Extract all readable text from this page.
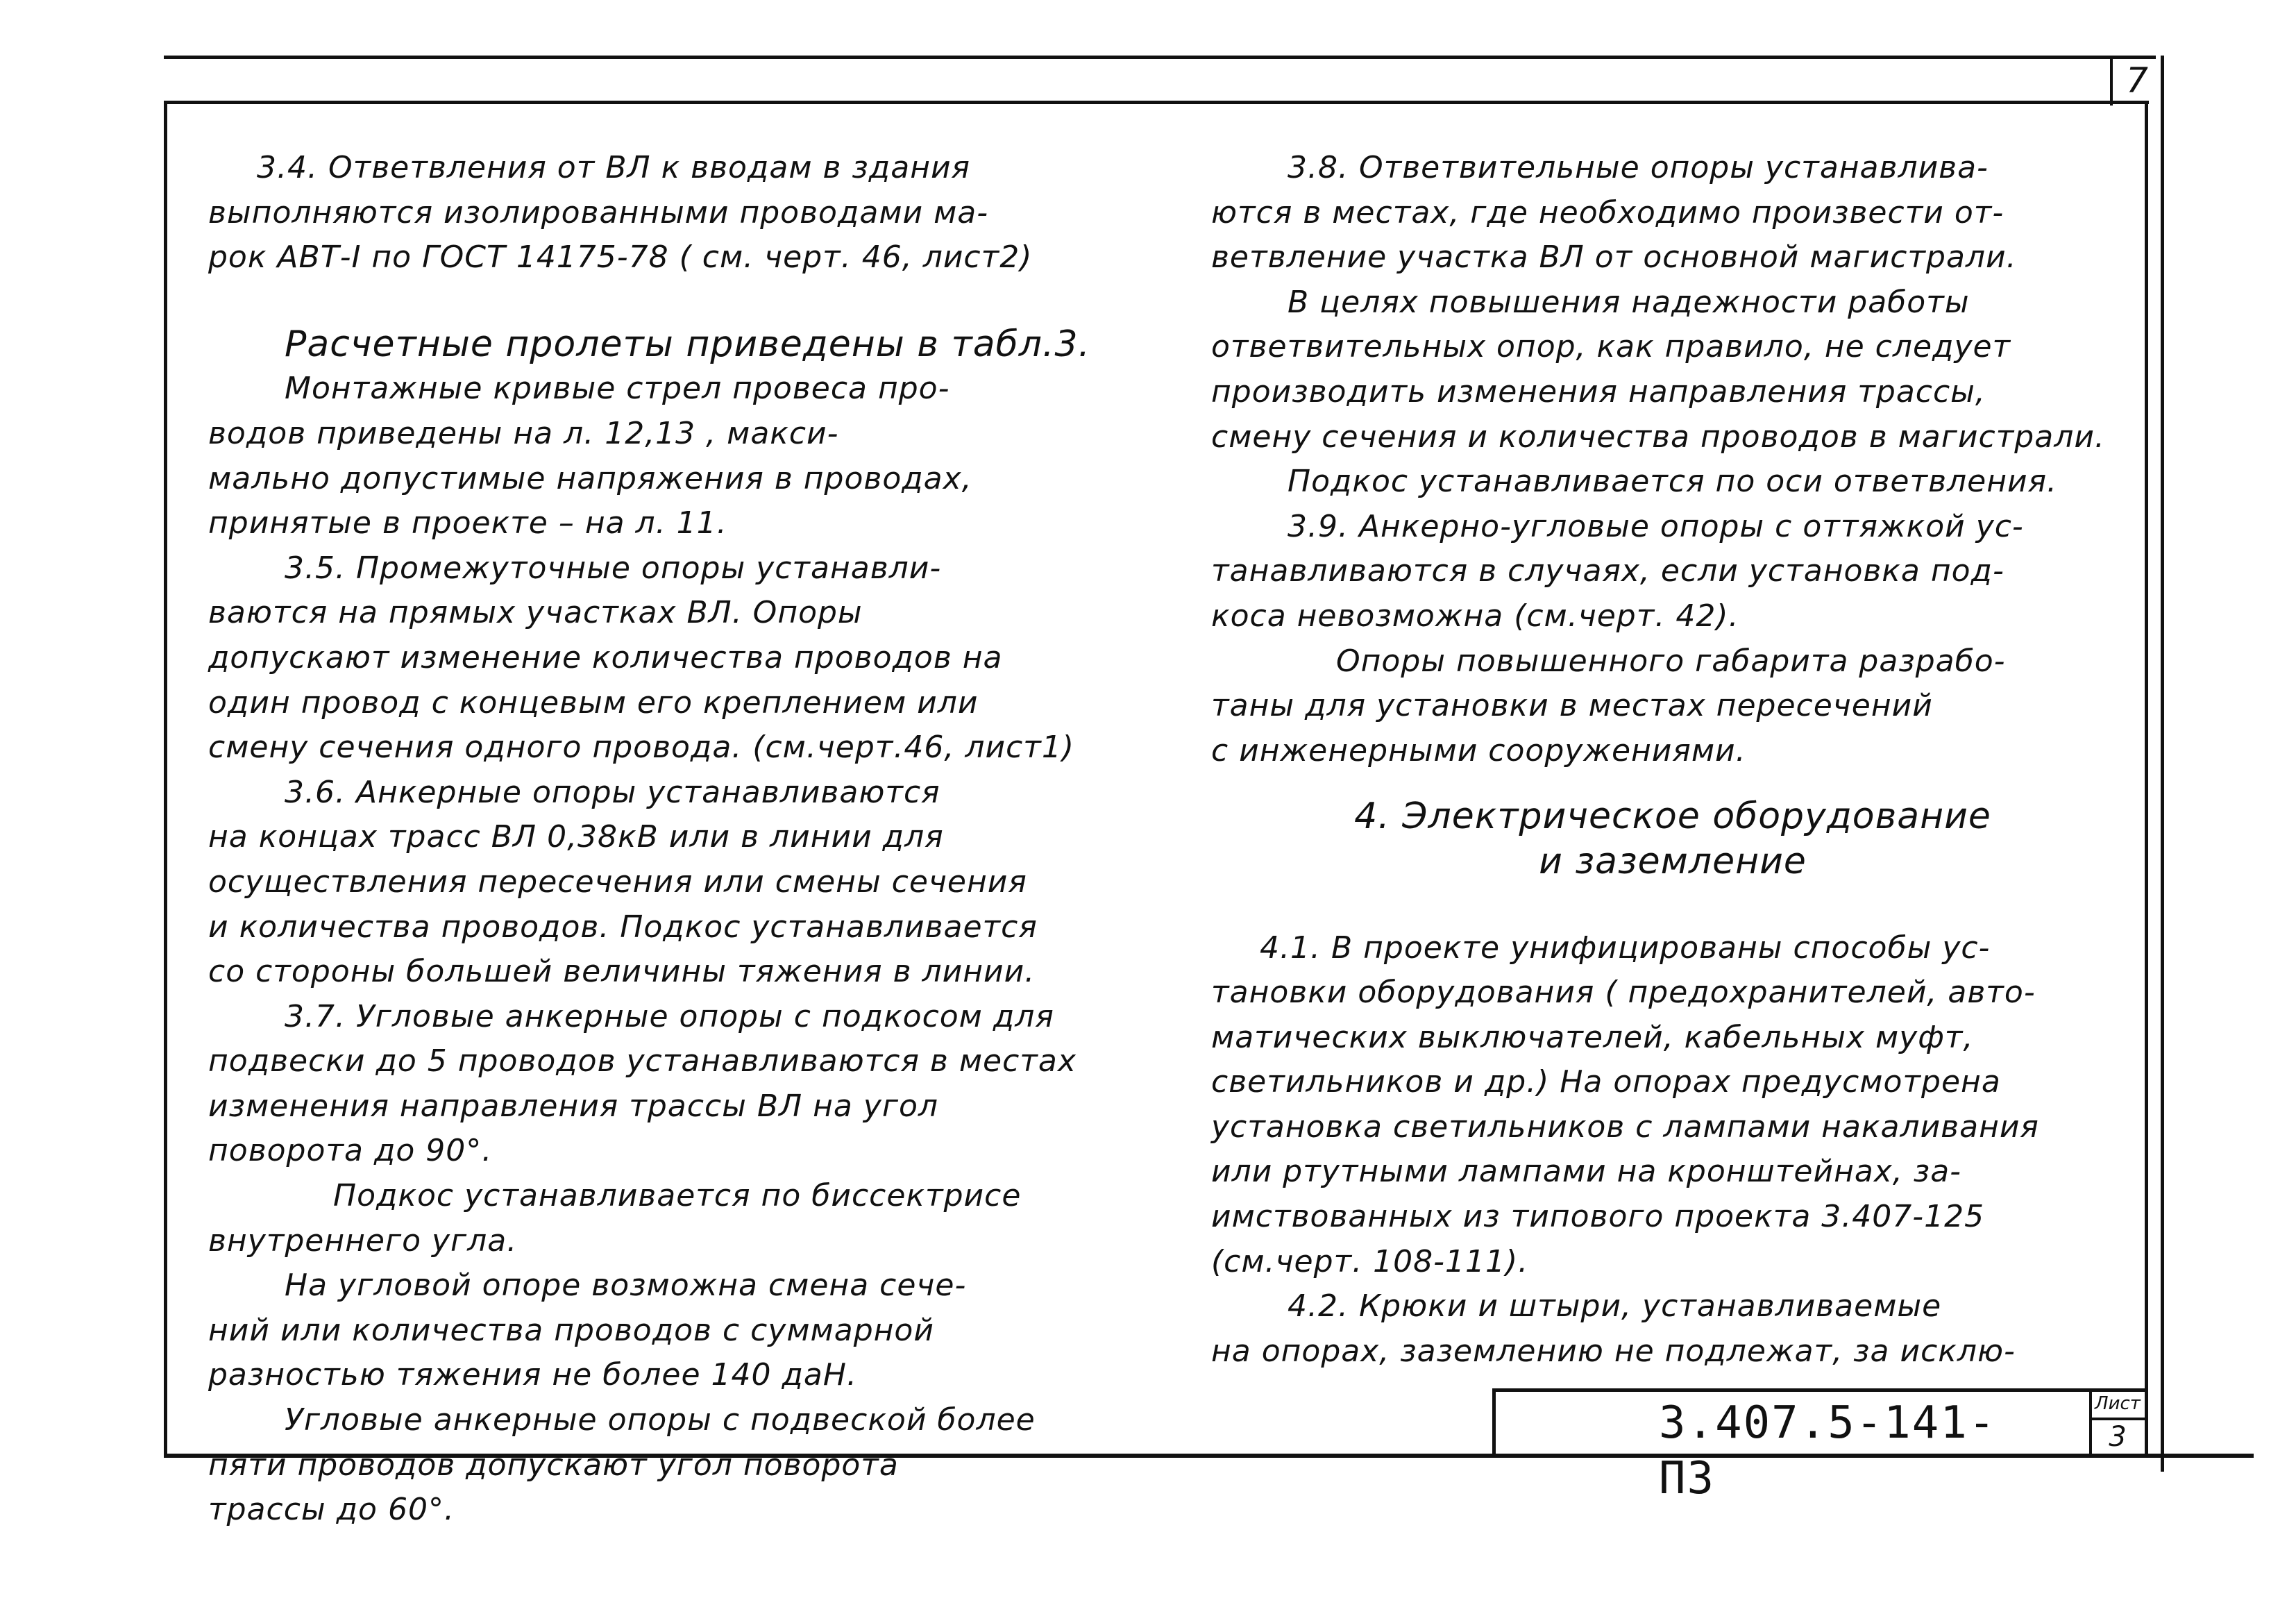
7

3.4. Ответвления от ВЛ к вводам в здания

выполняются изолированными проводами ма-

рок АВТ-I по ГОСТ 14175-78 ( см. черт. 46, лист2)

Расчетные пролеты приведены в табл.3.

Монтажные кривые стрел провеса про-

водов приведены на л. 12,13 , макси-

мально допустимые напряжения в проводах,

принятые в проекте – на л. 11.

3.5. Промежуточные опоры устанавли-

ваются на прямых участках ВЛ. Опоры

допускают изменение количества проводов на

один провод с концевым его креплением или

смену сечения одного провода. (см.черт.46, лист1)

3.6. Анкерные опоры устанавливаются

на концах трасс ВЛ 0,38кВ или в линии для

осуществления пересечения или смены сечения

и количества проводов. Подкос устанавливается

со стороны большей величины тяжения в линии.

3.7. Угловые анкерные опоры с подкосом для

подвески до 5 проводов устанавливаются в местах

изменения направления трассы ВЛ на угол

поворота до 90°.

Подкос устанавливается по биссектрисе

внутреннего угла.

На угловой опоре возможна смена сече-

ний или количества проводов с суммарной

разностью тяжения не более 140 даН.

Угловые анкерные опоры с подвеской более

пяти проводов допускают угол поворота

трассы до 60°.

3.8. Ответвительные опоры устанавлива-

ются в местах, где необходимо произвести от-

ветвление участка ВЛ от основной магистрали.

В целях повышения надежности работы

ответвительных опор, как правило, не следует

производить изменения направления трассы,

смену сечения и количества проводов в магистрали.

Подкос устанавливается по оси ответвления.

3.9. Анкерно-угловые опоры с оттяжкой ус-

танавливаются в случаях, если установка под-

коса невозможна (см.черт. 42).

Опоры повышенного габарита разрабо-

таны для установки в местах пересечений

с инженерными сооружениями.

4. Электрическое оборудование

и заземление

4.1. В проекте унифицированы способы ус-

тановки оборудования ( предохранителей, авто-

матических выключателей, кабельных муфт,

светильников и др.) На опорах предусмотрена

установка светильников с лампами накаливания

или ртутными лампами на кронштейнах, за-

имствованных из типового проекта 3.407-125

(см.черт. 108-111).

4.2. Крюки и штыри, устанавливаемые

на опорах, заземлению не подлежат, за исклю-

3.407.5-141-ПЗ
Лист
3
